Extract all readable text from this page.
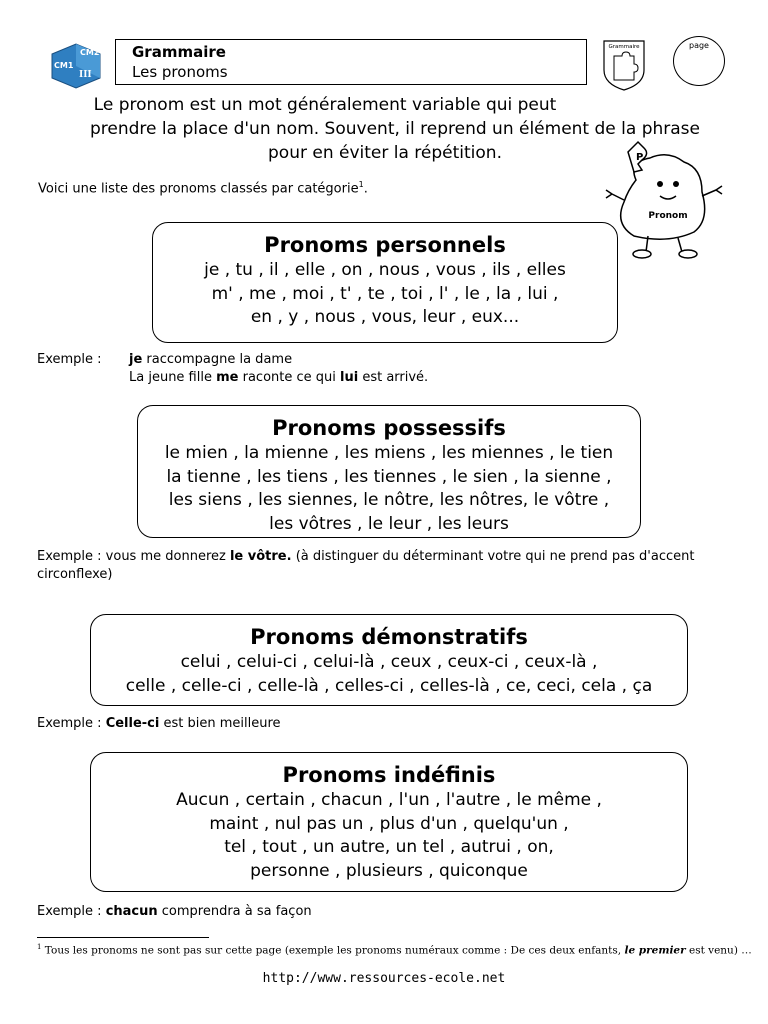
CM2
CM1
III
Grammaire
Les pronoms
Grammaire	page
Le pronom est un mot généralement variable qui peut
prendre la place d'un nom. Souvent, il reprend un élément de la phrase
pour en éviter la répétition.
Voici une liste des pronoms classés par catégorie$^1$.
P
Pronom
Pronoms personnels
je , tu , il , elle , on , nous , vous , ils , elles
m' , me , moi , t' , te , toi , l' , le , la , lui ,
en , y , nous , vous, leur , eux...
Exemple : je raccompagne la dame
La jeune fille me raconte ce qui lui est arrivé.
Pronoms possessifs
le mien , la mienne , les miens , les miennes , le tien
la tienne , les tiens , les tiennes , le sien , la sienne ,
les siens , les siennes, le nôtre, les nôtres, le vôtre ,
les vôtres , le leur , les leurs
Exemple : vous me donnerez le vôtre. (à distinguer du déterminant votre qui ne prend pas d'accent
circonflexe)
Pronoms démonstratifs
celui , celui-ci , celui-là , ceux , ceux-ci , ceux-là ,
celle , celle-ci , celle-là , celles-ci , celles-là , ce, ceci, cela , ça
Exemple : Celle-ci est bien meilleure
Pronoms indéfinis
Aucun , certain , chacun , l'un , l'autre , le même ,
maint , nul pas un , plus d'un , quelqu'un ,
tel , tout , un autre, un tel , autrui , on,
personne , plusieurs , quiconque
Exemple : chacun comprendra à sa façon
$^1$ Tous les pronoms ne sont pas sur cette page (exemple les pronoms numéraux comme : De ces deux enfants, le premier est venu) …
http://www.ressources-ecole.net
